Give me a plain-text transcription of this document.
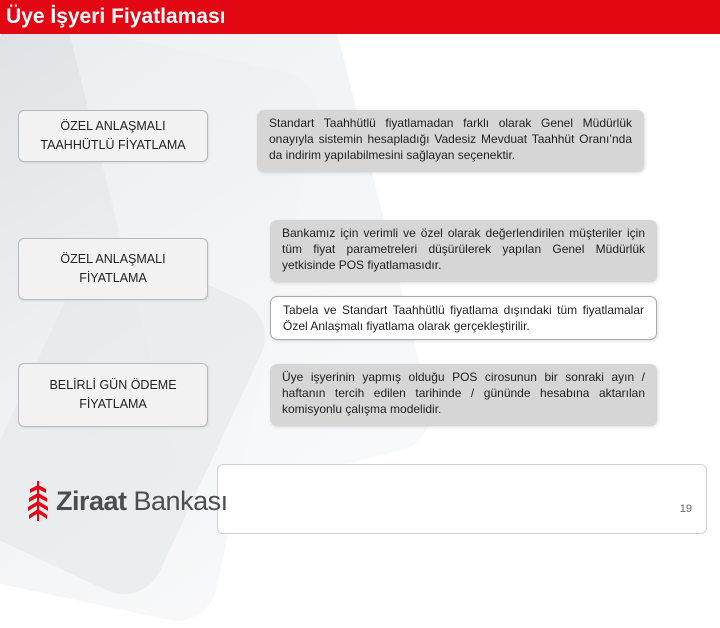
Üye İşyeri Fiyatlaması
ÖZEL ANLAŞMALI
TAAHHÜTLÜ FİYATLAMA
Standart Taahhütlü fiyatlamadan farklı olarak Genel Müdürlük onayıyla sistemin hesapladığı Vadesiz Mevduat Taahhüt Oranı’nda da indirim yapılabilmesini sağlayan seçenektir.
ÖZEL ANLAŞMALI
FİYATLAMA
Bankamız için verimli ve özel olarak değerlendirilen müşteriler için tüm fiyat parametreleri düşürülerek yapılan Genel Müdürlük yetkisinde POS fiyatlamasıdır.
Tabela ve Standart Taahhütlü fiyatlama dışındaki tüm fiyatlamalar Özel Anlaşmalı fiyatlama olarak gerçekleştirilir.
BELİRLİ GÜN ÖDEME
FİYATLAMA
Üye işyerinin yapmış olduğu POS cirosunun bir sonraki ayın / haftanın tercih edilen tarihinde / gününde hesabına aktarılan komisyonlu çalışma modelidir.
19
Ziraat Bankası
